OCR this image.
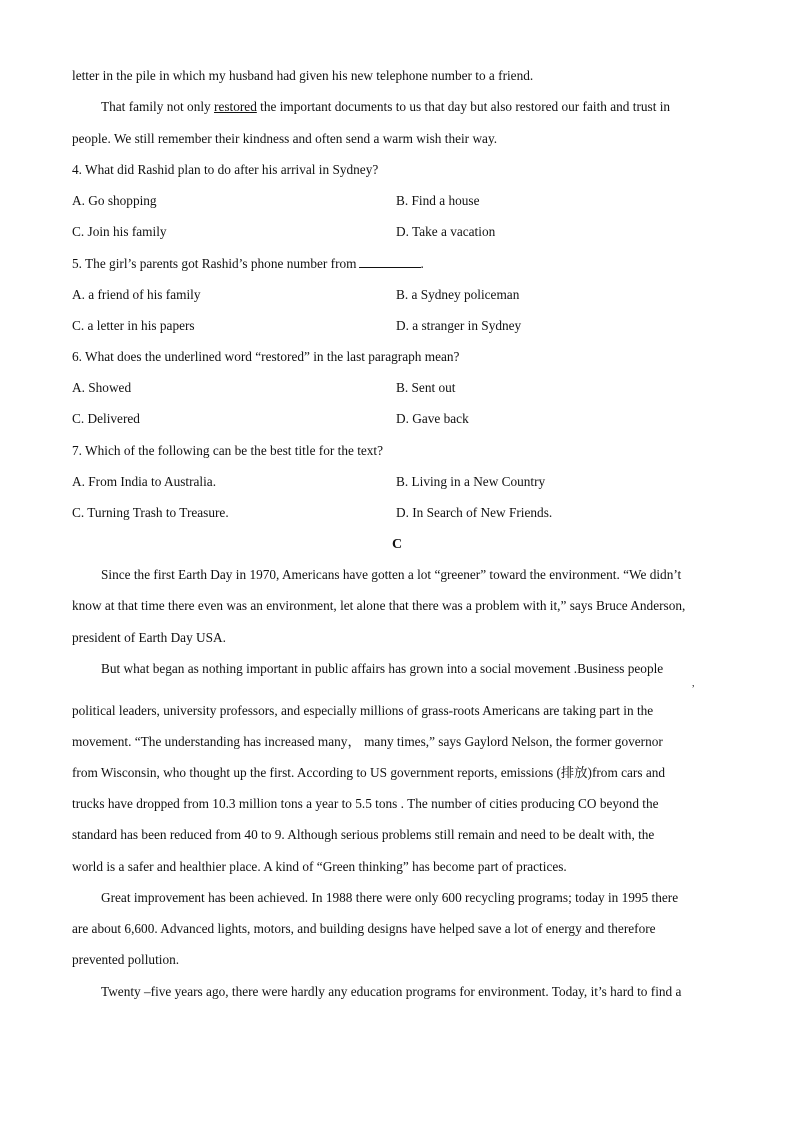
letter in the pile in which my husband had given his new telephone number to a friend.
That family not only restored the important documents to us that day but also restored our faith and trust in
people. We still remember their kindness and often send a warm wish their way.
4. What did Rashid plan to do after his arrival in Sydney?
A. Go shopping	B. Find a house
C. Join his family	D. Take a vacation
5. The girl’s parents got Rashid’s phone number from	.
A. a friend of his family	B. a Sydney policeman
C. a letter in his papers	D. a stranger in Sydney
6. What does the underlined word “restored” in the last paragraph mean?
A. Showed	B. Sent out
C. Delivered	D. Gave back
7. Which of the following can be the best title for the text?
A. From India to Australia.	B. Living in a New Country
C. Turning Trash to Treasure.	D. In Search of New Friends.
C
Since the first Earth Day in 1970, Americans have gotten a lot “greener” toward the environment. “We didn’t
know at that time there even was an environment, let alone that there was a problem with it,” says Bruce Anderson,
president of Earth Day USA.
But what began as nothing important in public affairs has grown into a social movement .Business people
,
political leaders, university professors, and especially millions of grass-roots Americans are taking part in the
movement. “The understanding has increased many， many times,” says Gaylord Nelson, the former governor
from Wisconsin, who thought up the first. According to US government reports, emissions (排放)from cars and
trucks have dropped from 10.3 million tons a year to 5.5 tons . The number of cities producing CO beyond the
standard has been reduced from 40 to 9. Although serious problems still remain and need to be dealt with, the
world is a safer and healthier place. A kind of “Green thinking” has become part of practices.
Great improvement has been achieved. In 1988 there were only 600 recycling programs; today in 1995 there
are about 6,600. Advanced lights, motors, and building designs have helped save a lot of energy and therefore
prevented pollution.
Twenty –five years ago, there were hardly any education programs for environment. Today, it’s hard to find a
